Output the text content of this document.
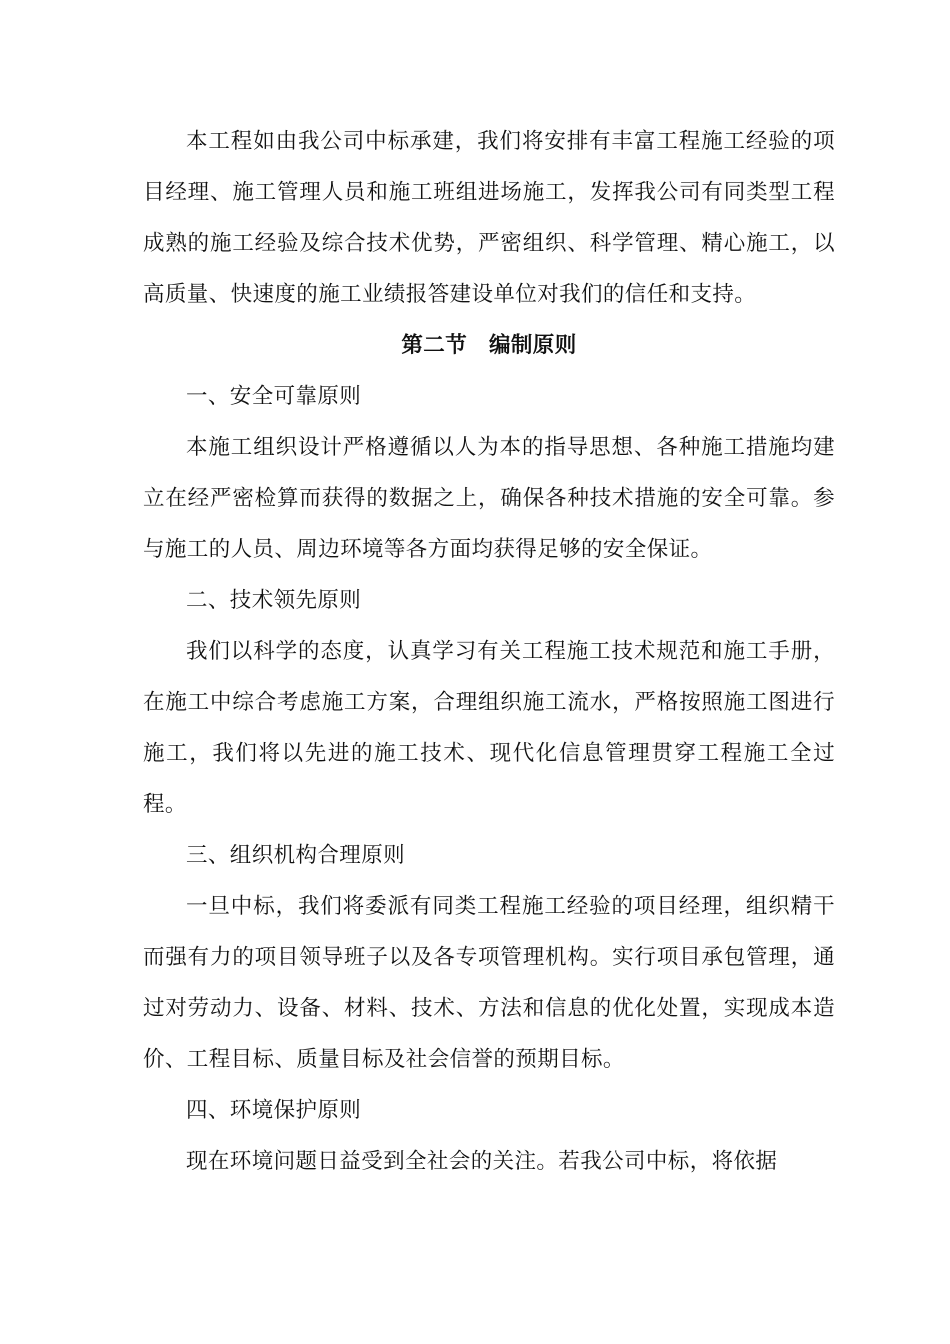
本工程如由我公司中标承建，我们将安排有丰富工程施工经验的项目经理、施工管理人员和施工班组进场施工，发挥我公司有同类型工程成熟的施工经验及综合技术优势，严密组织、科学管理、精心施工，以高质量、快速度的施工业绩报答建设单位对我们的信任和支持。

第二节　编制原则

一、安全可靠原则

本施工组织设计严格遵循以人为本的指导思想、各种施工措施均建立在经严密检算而获得的数据之上，确保各种技术措施的安全可靠。参与施工的人员、周边环境等各方面均获得足够的安全保证。

二、技术领先原则

我们以科学的态度，认真学习有关工程施工技术规范和施工手册，在施工中综合考虑施工方案，合理组织施工流水，严格按照施工图进行施工，我们将以先进的施工技术、现代化信息管理贯穿工程施工全过程。

三、组织机构合理原则

一旦中标，我们将委派有同类工程施工经验的项目经理，组织精干而强有力的项目领导班子以及各专项管理机构。实行项目承包管理，通过对劳动力、设备、材料、技术、方法和信息的优化处置，实现成本造价、工程目标、质量目标及社会信誉的预期目标。

四、环境保护原则

现在环境问题日益受到全社会的关注。若我公司中标，将依据
